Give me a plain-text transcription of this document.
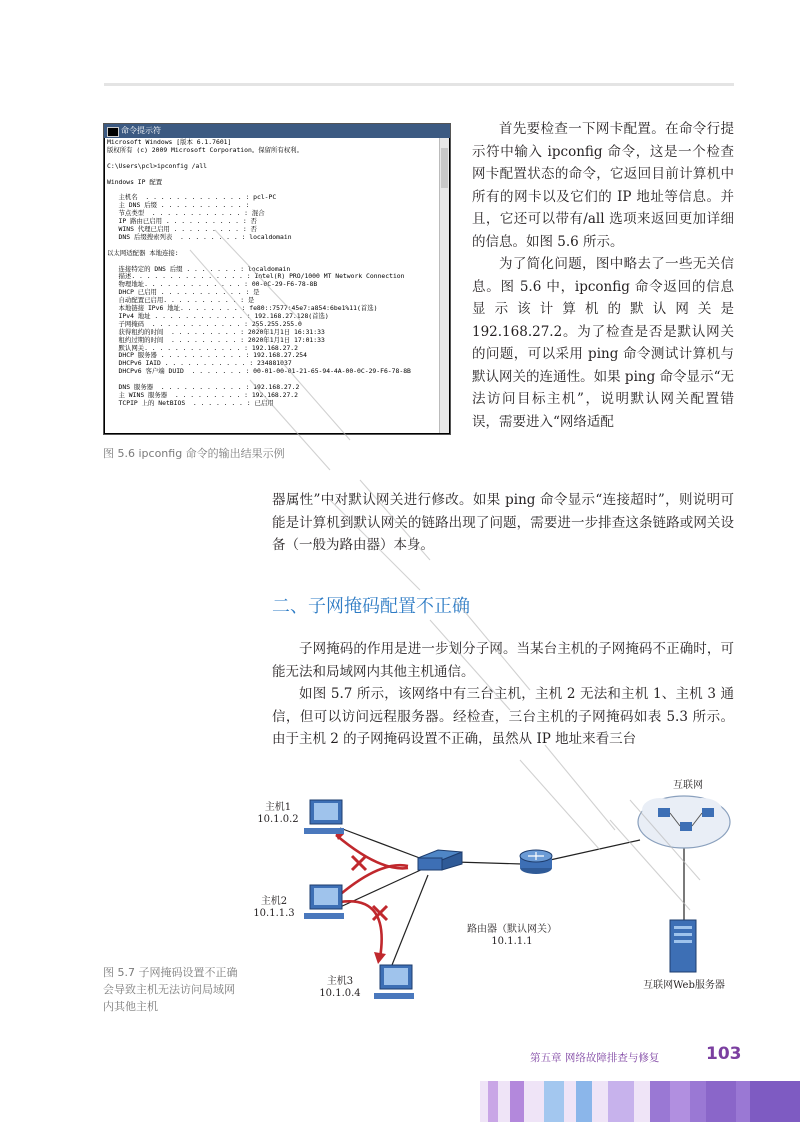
命令提示符
Microsoft Windows [版本 6.1.7601]
版权所有 (c) 2009 Microsoft Corporation。保留所有权利。

C:\Users\pcl>ipconfig /all

Windows IP 配置

主机名  . . . . . . . . . . . . . : pcl-PC
主 DNS 后缀 . . . . . . . . . . . :
节点类型  . . . . . . . . . . . . : 混合
IP 路由已启用 . . . . . . . . . . : 否
WINS 代理已启用 . . . . . . . . . : 否
DNS 后缀搜索列表  . . . . . . . . : localdomain

以太网适配器 本地连接:

连接特定的 DNS 后缀 . . . . . . . : localdomain
描述. . . . . . . . . . . . . . . : Intel(R) PRO/1000 MT Network Connection
物理地址. . . . . . . . . . . . . : 00-0C-29-F6-78-8B
DHCP 已启用 . . . . . . . . . . . : 是
自动配置已启用. . . . . . . . . . : 是
本地链接 IPv6 地址. . . . . . . . : fe80::7577:45e7:a854:6be1%11(首选)
IPv4 地址 . . . . . . . . . . . . : 192.168.27.128(首选)
子网掩码  . . . . . . . . . . . . : 255.255.255.0
获得租约的时间  . . . . . . . . . : 2020年1月1日 16:31:33
租约过期的时间  . . . . . . . . . : 2020年1月1日 17:01:33
默认网关. . . . . . . . . . . . . : 192.168.27.2
DHCP 服务器 . . . . . . . . . . . : 192.168.27.254
DHCPv6 IAID . . . . . . . . . . . : 234881037
DHCPv6 客户端 DUID  . . . . . . . : 00-01-00-01-21-65-94-4A-00-0C-29-F6-78-8B

DNS 服务器  . . . . . . . . . . . : 192.168.27.2
主 WINS 服务器  . . . . . . . . . : 192.168.27.2
TCPIP 上的 NetBIOS  . . . . . . . : 已启用
图 5.6 ipconfig 命令的输出结果示例

首先要检查一下网卡配置。在命令行提示符中输入 ipconfig 命令，这是一个检查网卡配置状态的命令，它返回目前计算机中所有的网卡以及它们的 IP 地址等信息。并且，它还可以带有/all 选项来返回更加详细的信息。如图 5.6 所示。

为了简化问题，图中略去了一些无关信息。图 5.6 中，ipconfig 命令返回的信息显示该计算机的默认网关是 192.168.27.2。为了检查是否是默认网关的问题，可以采用 ping 命令测试计算机与默认网关的连通性。如果 ping 命令显示“无法访问目标主机”，说明默认网关配置错误，需要进入“网络适配

器属性”中对默认网关进行修改。如果 ping 命令显示“连接超时”，则说明可能是计算机到默认网关的链路出现了问题，需要进一步排查这条链路或网关设备（一般为路由器）本身。
二、子网掩码配置不正确

子网掩码的作用是进一步划分子网。当某台主机的子网掩码不正确时，可能无法和局域网内其他主机通信。

如图 5.7 所示，该网络中有三台主机，主机 2 无法和主机 1、主机 3 通信，但可以访问远程服务器。经检查，三台主机的子网掩码如表 5.3 所示。由于主机 2 的子网掩码设置不正确，虽然从 IP 地址来看三台

主机1
10.1.0.2
主机2
10.1.1.3
主机3
10.1.0.4
路由器（默认网关）
10.1.1.1
互联网
互联网Web服务器
图 5.7 子网掩码设置不正确会导致主机无法访问局域网内其他主机
第五章 网络故障排查与修复	103
